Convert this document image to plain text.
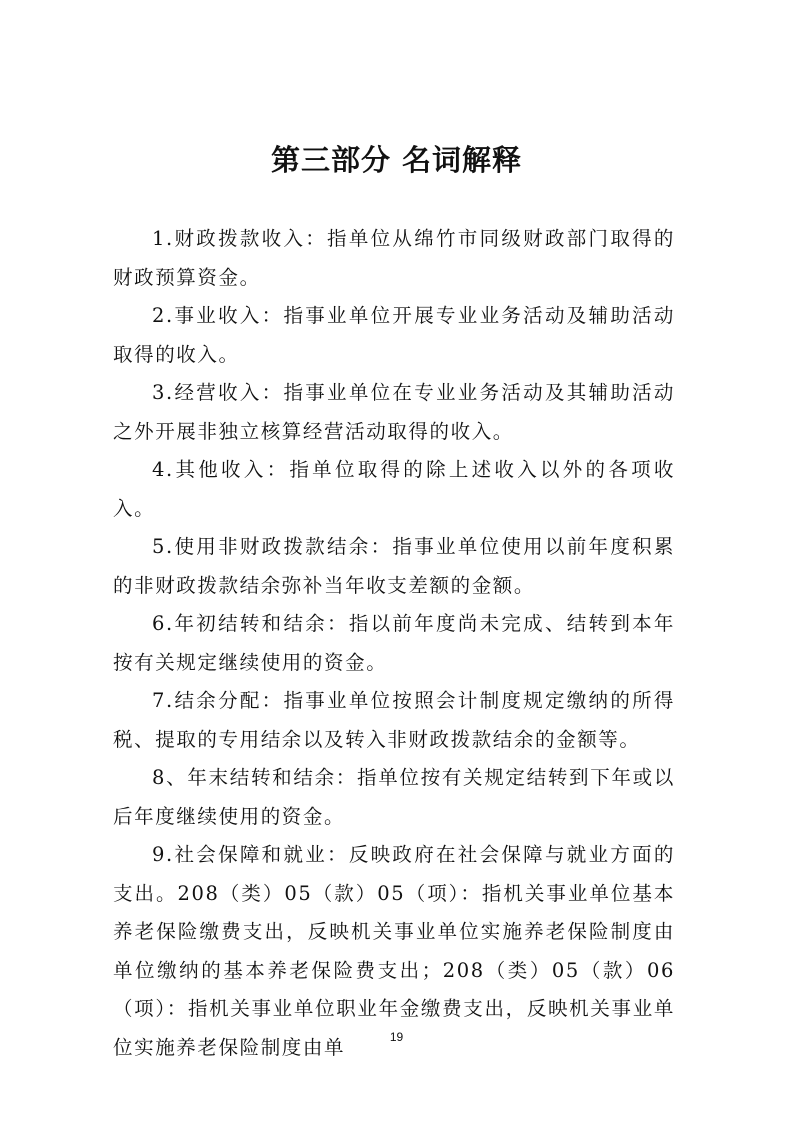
第三部分 名词解释

1.财政拨款收入：指单位从绵竹市同级财政部门取得的财政预算资金。

2.事业收入：指事业单位开展专业业务活动及辅助活动取得的收入。

3.经营收入：指事业单位在专业业务活动及其辅助活动之外开展非独立核算经营活动取得的收入。

4.其他收入：指单位取得的除上述收入以外的各项收入。

5.使用非财政拨款结余：指事业单位使用以前年度积累的非财政拨款结余弥补当年收支差额的金额。

6.年初结转和结余：指以前年度尚未完成、结转到本年按有关规定继续使用的资金。

7.结余分配：指事业单位按照会计制度规定缴纳的所得税、提取的专用结余以及转入非财政拨款结余的金额等。

8、年末结转和结余：指单位按有关规定结转到下年或以后年度继续使用的资金。

9.社会保障和就业：反映政府在社会保障与就业方面的支出。208（类）05（款）05（项）：指机关事业单位基本养老保险缴费支出，反映机关事业单位实施养老保险制度由单位缴纳的基本养老保险费支出；208（类）05（款）06（项）：指机关事业单位职业年金缴费支出，反映机关事业单位实施养老保险制度由单	19
